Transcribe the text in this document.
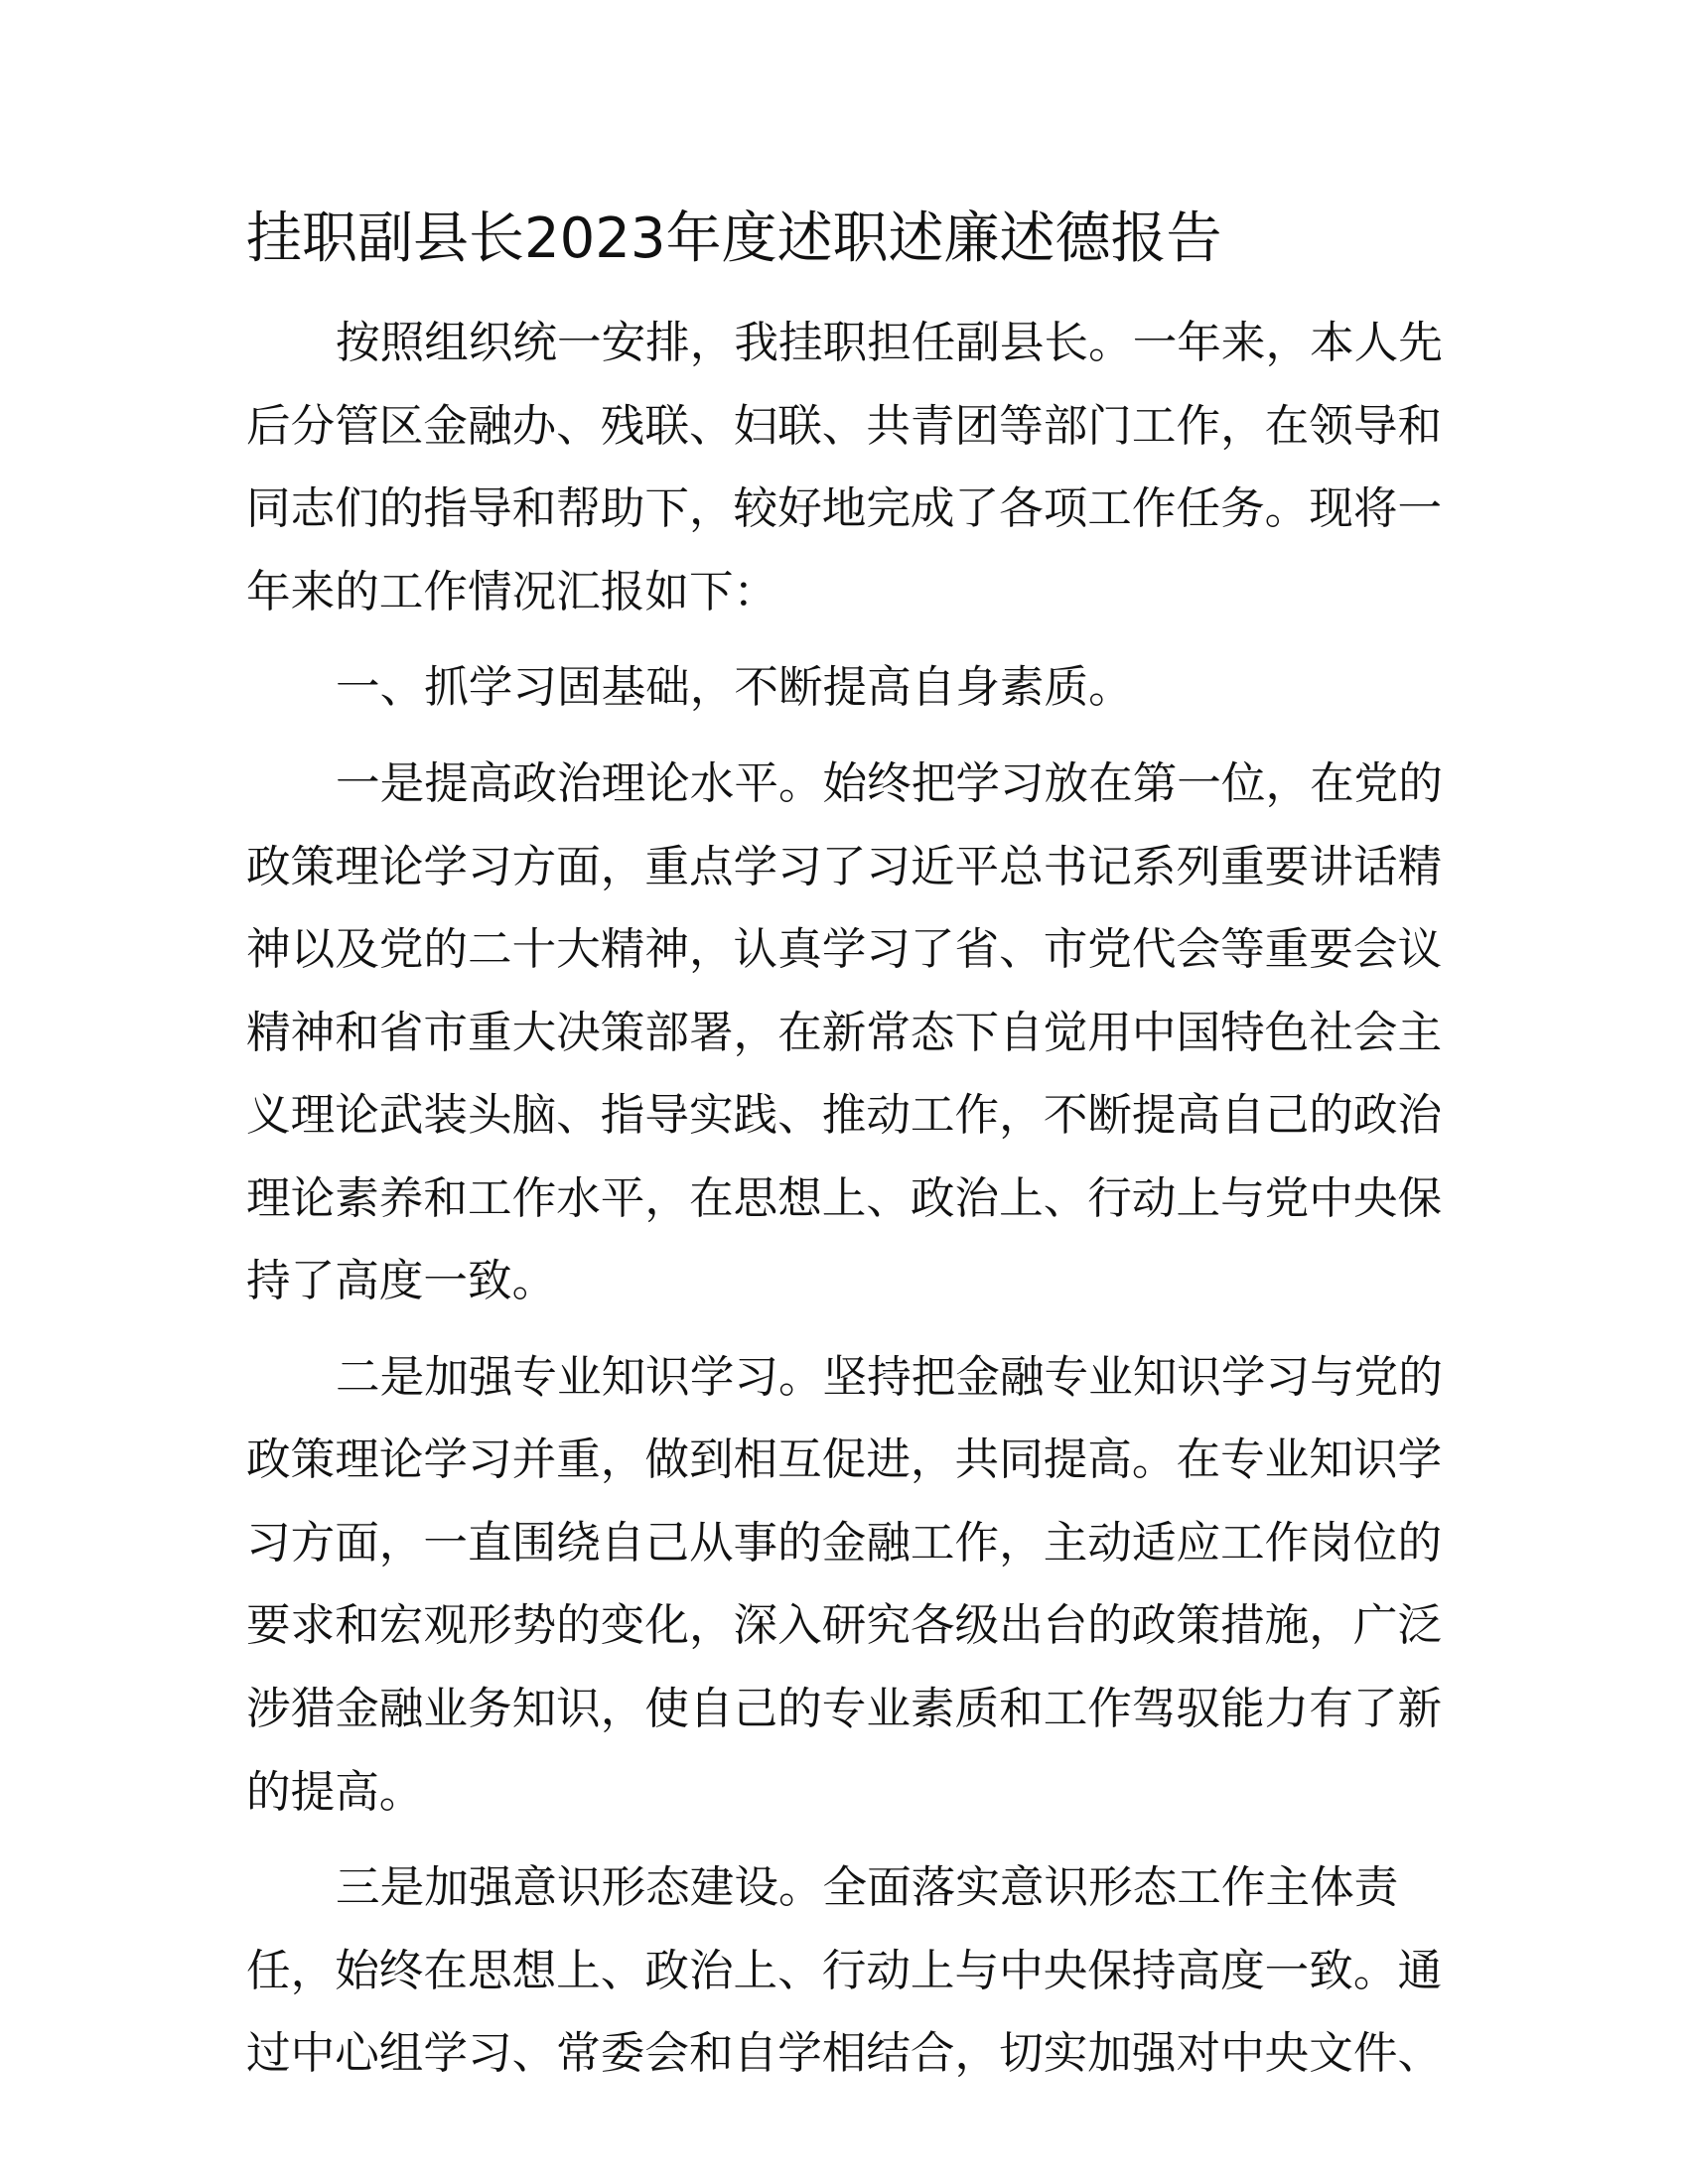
挂职副县长2023年度述职述廉述德报告
按照组织统一安排，我挂职担任副县长。一年来，本人先
后分管区金融办、残联、妇联、共青团等部门工作，在领导和
同志们的指导和帮助下，较好地完成了各项工作任务。现将一
年来的工作情况汇报如下：
一、抓学习固基础，不断提高自身素质。
一是提高政治理论水平。始终把学习放在第一位，在党的
政策理论学习方面，重点学习了习近平总书记系列重要讲话精
神以及党的二十大精神，认真学习了省、市党代会等重要会议
精神和省市重大决策部署，在新常态下自觉用中国特色社会主
义理论武装头脑、指导实践、推动工作，不断提高自己的政治
理论素养和工作水平，在思想上、政治上、行动上与党中央保
持了高度一致。
二是加强专业知识学习。坚持把金融专业知识学习与党的
政策理论学习并重，做到相互促进，共同提高。在专业知识学
习方面，一直围绕自己从事的金融工作，主动适应工作岗位的
要求和宏观形势的变化，深入研究各级出台的政策措施，广泛
涉猎金融业务知识，使自己的专业素质和工作驾驭能力有了新
的提高。
三是加强意识形态建设。全面落实意识形态工作主体责
任，始终在思想上、政治上、行动上与中央保持高度一致。通
过中心组学习、常委会和自学相结合，切实加强对中央文件、
